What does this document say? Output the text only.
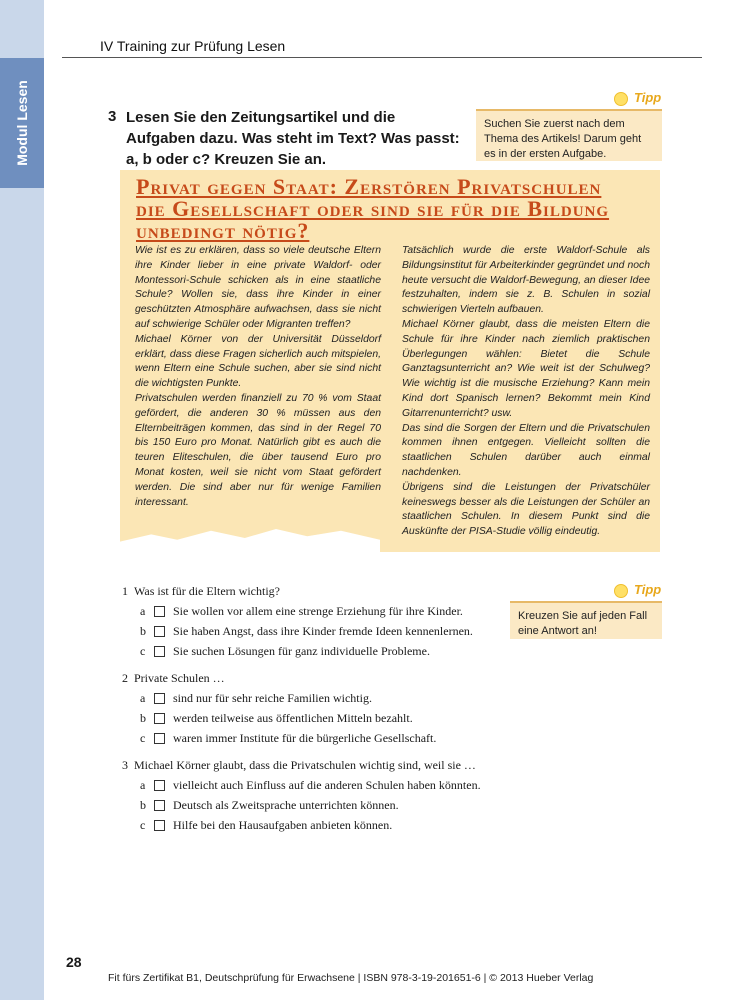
Modul Lesen
IV Training zur Prüfung Lesen
3 Lesen Sie den Zeitungsartikel und die Aufgaben dazu. Was steht im Text? Was passt: a, b oder c? Kreuzen Sie an.
Tipp
Suchen Sie zuerst nach dem Thema des Artikels! Darum geht es in der ersten Aufgabe.
Privat gegen Staat: Zerstören Privatschulen die Gesellschaft oder sind sie für die Bildung unbedingt nötig?

Wie ist es zu erklären, dass so viele deutsche Eltern ihre Kinder lieber in eine private Waldorf- oder Montessori-Schule schicken als in eine staatliche Schule? Wollen sie, dass ihre Kinder in einer geschützten Atmosphäre aufwachsen, dass sie nicht auf schwierige Schüler oder Migranten treffen?

Michael Körner von der Universität Düsseldorf erklärt, dass diese Fragen sicherlich auch mitspielen, wenn Eltern eine Schule suchen, aber sie sind nicht die wichtigsten Punkte.

Privatschulen werden finanziell zu 70 % vom Staat gefördert, die anderen 30 % müssen aus den Elternbeiträgen kommen, das sind in der Regel 70 bis 150 Euro pro Monat. Natürlich gibt es auch die teuren Eliteschulen, die über tausend Euro pro Monat kosten, weil sie nicht vom Staat gefördert werden. Die sind aber nur für wenige Familien interessant.

Tatsächlich wurde die erste Waldorf-Schule als Bildungsinstitut für Arbeiterkinder gegründet und noch heute versucht die Waldorf-Bewegung, an dieser Idee festzuhalten, indem sie z. B. Schulen in sozial schwierigen Vierteln aufbauen.

Michael Körner glaubt, dass die meisten Eltern die Schule für ihre Kinder nach ziemlich praktischen Überlegungen wählen: Bietet die Schule Ganztagsunterricht an? Wie weit ist der Schulweg? Wie wichtig ist die musische Erziehung? Kann mein Kind dort Spanisch lernen? Bekommt mein Kind Gitarrenunterricht? usw.

Das sind die Sorgen der Eltern und die Privatschulen kommen ihnen entgegen. Vielleicht sollten die staatlichen Schulen darüber auch einmal nachdenken.

Übrigens sind die Leistungen der Privatschüler keineswegs besser als die Leistungen der Schüler an staatlichen Schulen. In diesem Punkt sind die Auskünfte der PISA-Studie völlig eindeutig.

Tipp
Kreuzen Sie auf jeden Fall eine Antwort an!
1 Was ist für die Eltern wichtig?
a	Sie wollen vor allem eine strenge Erziehung für ihre Kinder.
b	Sie haben Angst, dass ihre Kinder fremde Ideen kennenlernen.
c	Sie suchen Lösungen für ganz individuelle Probleme.
2 Private Schulen …
a	sind nur für sehr reiche Familien wichtig.
b	werden teilweise aus öffentlichen Mitteln bezahlt.
c	waren immer Institute für die bürgerliche Gesellschaft.
3 Michael Körner glaubt, dass die Privatschulen wichtig sind, weil sie …
a	vielleicht auch Einfluss auf die anderen Schulen haben könnten.
b	Deutsch als Zweitsprache unterrichten können.
c	Hilfe bei den Hausaufgaben anbieten können.
28
Fit fürs Zertifikat B1, Deutschprüfung für Erwachsene | ISBN 978-3-19-201651-6 | © 2013 Hueber Verlag
